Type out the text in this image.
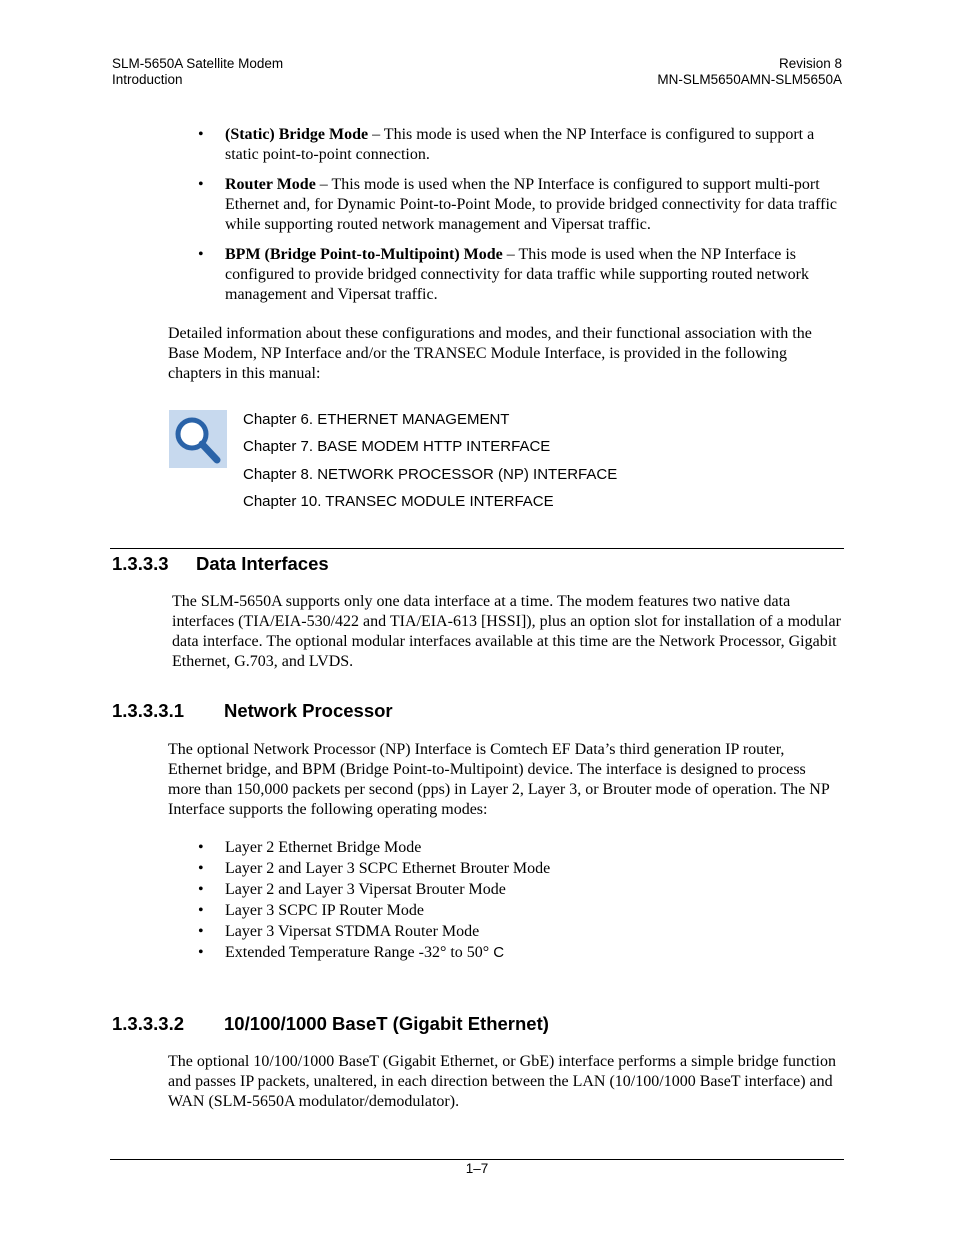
SLM-5650A Satellite Modem
Introduction
Revision 8
MN-SLM5650AMN-SLM5650A
• (Static) Bridge Mode – This mode is used when the NP Interface is configured to support a static point-to-point connection.
• Router Mode – This mode is used when the NP Interface is configured to support multi-port Ethernet and, for Dynamic Point-to-Point Mode, to provide bridged connectivity for data traffic while supporting routed network management and Vipersat traffic.
• BPM (Bridge Point-to-Multipoint) Mode – This mode is used when the NP Interface is configured to provide bridged connectivity for data traffic while supporting routed network management and Vipersat traffic.

Detailed information about these configurations and modes, and their functional association with the Base Modem, NP Interface and/or the TRANSEC Module Interface, is provided in the following chapters in this manual:

Chapter 6. ETHERNET MANAGEMENT
Chapter 7. BASE MODEM HTTP INTERFACE
Chapter 8. NETWORK PROCESSOR (NP) INTERFACE
Chapter 10. TRANSEC MODULE INTERFACE
1.3.3.3 Data Interfaces

The SLM-5650A supports only one data interface at a time. The modem features two native data interfaces (TIA/EIA-530/422 and TIA/EIA-613 [HSSI]), plus an option slot for installation of a modular data interface. The optional modular interfaces available at this time are the Network Processor, Gigabit Ethernet, G.703, and LVDS.

1.3.3.3.1 Network Processor

The optional Network Processor (NP) Interface is Comtech EF Data’s third generation IP router, Ethernet bridge, and BPM (Bridge Point-to-Multipoint) device. The interface is designed to process more than 150,000 packets per second (pps) in Layer 2, Layer 3, or Brouter mode of operation. The NP Interface supports the following operating modes:

• Layer 2 Ethernet Bridge Mode
• Layer 2 and Layer 3 SCPC Ethernet Brouter Mode
• Layer 2 and Layer 3 Vipersat Brouter Mode
• Layer 3 SCPC IP Router Mode
• Layer 3 Vipersat STDMA Router Mode
• Extended Temperature Range -32° to 50° C
1.3.3.3.2 10/100/1000 BaseT (Gigabit Ethernet)

The optional 10/100/1000 BaseT (Gigabit Ethernet, or GbE) interface performs a simple bridge function and passes IP packets, unaltered, in each direction between the LAN (10/100/1000 BaseT interface) and WAN (SLM-5650A modulator/demodulator).

1–7
